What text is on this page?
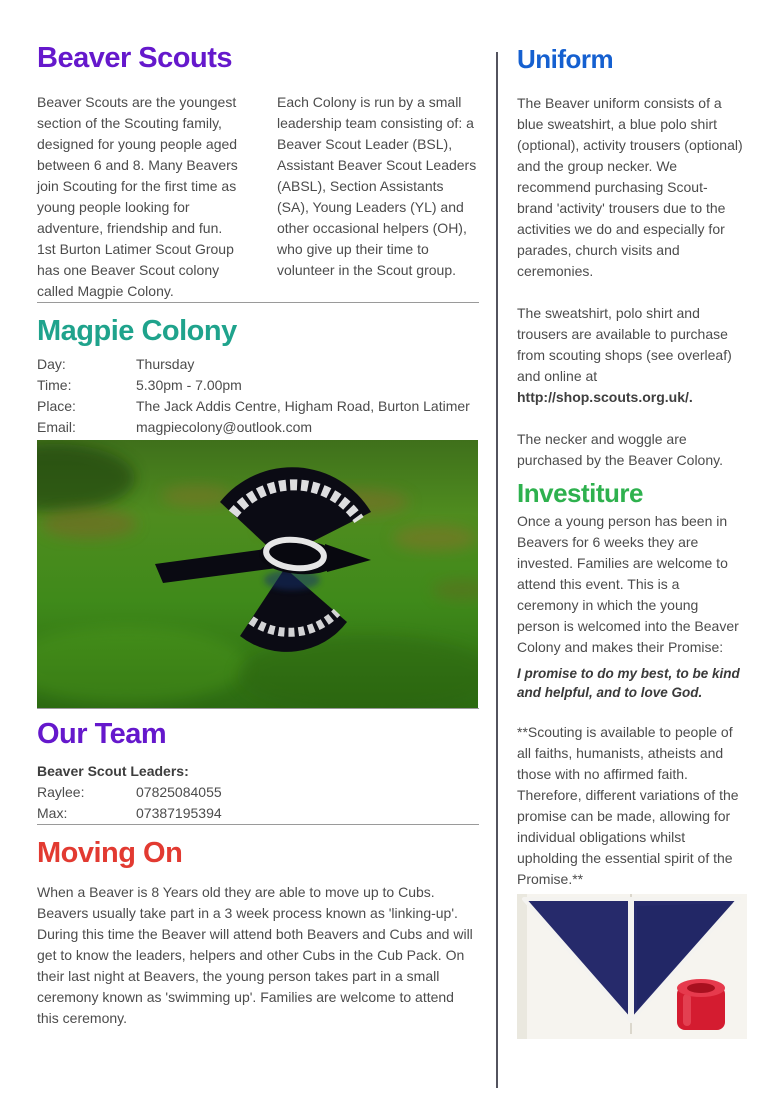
Beaver Scouts

Beaver Scouts are the youngest section of the Scouting family, designed for young people aged between 6 and 8. Many Beavers join Scouting for the first time as young people looking for adventure, friendship and fun. 1st Burton Latimer Scout Group has one Beaver Scout colony called Magpie Colony.

Each Colony is run by a small leadership team consisting of: a Beaver Scout Leader (BSL), Assistant Beaver Scout Leaders (ABSL), Section Assistants (SA), Young Leaders (YL) and other occasional helpers (OH), who give up their time to volunteer in the Scout group.

Magpie Colony
Day:	Thursday
Time:	5.30pm - 7.00pm
Place:	The Jack Addis Centre, Higham Road, Burton Latimer
Email:	magpiecolony@outlook.com
Our Team

Beaver Scout Leaders:

Raylee:	07825084055
Max:	07387195394
Moving On

When a Beaver is 8 Years old they are able to move up to Cubs. Beavers usually take part in a 3 week process known as 'linking-up'. During this time the Beaver will attend both Beavers and Cubs and will get to know the leaders, helpers and other Cubs in the Cub Pack. On their last night at Beavers, the young person takes part in a small ceremony known as 'swimming up'. Families are welcome to attend this ceremony.

Uniform

The Beaver uniform consists of a blue sweatshirt, a blue polo shirt (optional), activity trousers (optional) and the group necker. We recommend purchasing Scout-brand 'activity' trousers due to the activities we do and especially for parades, church visits and ceremonies.

The sweatshirt, polo shirt and trousers are available to purchase from scouting shops (see overleaf) and online at http://shop.scouts.org.uk/.

The necker and woggle are purchased by the Beaver Colony.

Investiture

Once a young person has been in Beavers for 6 weeks they are invested. Families are welcome to attend this event. This is a ceremony in which the young person is welcomed into the Beaver Colony and makes their Promise:

I promise to do my best, to be kind and helpful, and to love God.

**Scouting is available to people of all faiths, humanists, atheists and those with no affirmed faith. Therefore, different variations of the promise can be made, allowing for individual obligations whilst upholding the essential spirit of the Promise.**
